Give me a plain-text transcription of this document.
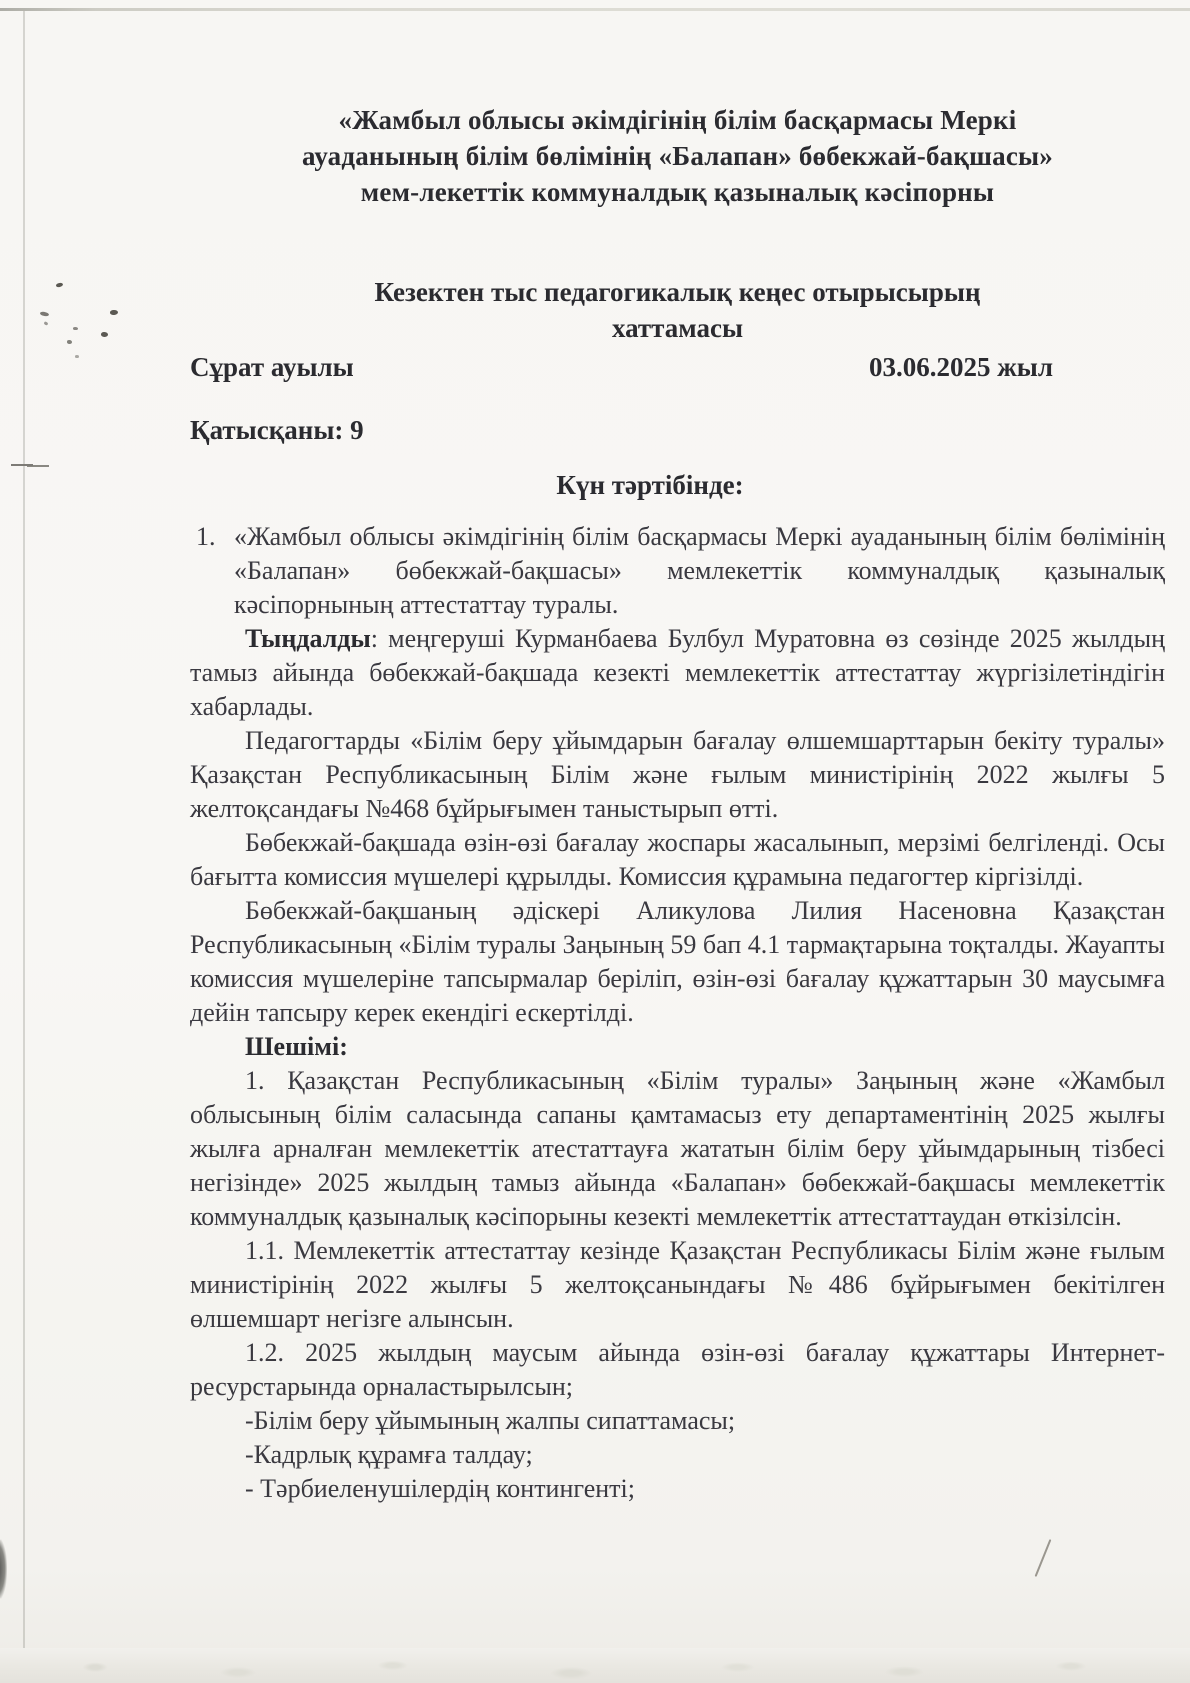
«Жамбыл облысы әкімдігінің білім басқармасы Меркі
ауаданының білім бөлімінің «Балапан» бөбекжай-бақшасы»
мем-лекеттік коммуналдық қазыналық кәсіпорны
Кезектен тыс педагогикалық кеңес отырысырың
хаттамасы
Сұрат ауылы	03.06.2025 жыл
Қатысқаны: 9
Күн тәртібінде:
1. «Жамбыл облысы әкімдігінің білім басқармасы Меркі ауаданының білім бөлімінің «Балапан» бөбекжай-бақшасы» мемлекеттік коммуналдық қазыналық кәсіпорнының аттестаттау туралы.

Тыңдалды: меңгеруші Курманбаева Булбул Муратовна өз сөзінде 2025 жылдың тамыз айында бөбекжай-бақшада кезекті мемлекеттік аттестаттау жүргізілетіндігін хабарлады.

Педагогтарды «Білім беру ұйымдарын бағалау өлшемшарттарын бекіту туралы» Қазақстан Республикасының Білім және ғылым министірінің 2022 жылғы 5 желтоқсандағы №468 бұйрығымен таныстырып өтті.

Бөбекжай-бақшада өзін-өзі бағалау жоспары жасалынып, мерзімі белгіленді. Осы бағытта комиссия мүшелері құрылды. Комиссия құрамына педагогтер кіргізілді.

Бөбекжай-бақшаның әдіскері Аликулова Лилия Насеновна Қазақстан Республикасының «Білім туралы Заңының 59 бап 4.1 тармақтарына тоқталды. Жауапты комиссия мүшелеріне тапсырмалар беріліп, өзін-өзі бағалау құжаттарын 30 маусымға дейін тапсыру керек екендігі ескертілді.

Шешімі:

1. Қазақстан Республикасының «Білім туралы» Заңының және «Жамбыл облысының білім саласында сапаны қамтамасыз ету департаментінің 2025 жылғы жылға арналған мемлекеттік атестаттауға жататын білім беру ұйымдарының тізбесі негізінде» 2025 жылдың тамыз айында «Балапан» бөбекжай-бақшасы мемлекеттік коммуналдық қазыналық кәсіпорыны кезекті мемлекеттік аттестаттаудан өткізілсін.

1.1. Мемлекеттік аттестаттау кезінде Қазақстан Республикасы Білім және ғылым министірінің 2022 жылғы 5 желтоқсанындағы №486 бұйрығымен бекітілген өлшемшарт негізге алынсын.

1.2. 2025 жылдың маусым айында өзін-өзі бағалау құжаттары Интернет-ресурстарында орналастырылсын;

-Білім беру ұйымының жалпы сипаттамасы;
-Кадрлық құрамға талдау;
- Тәрбиеленушілердің контингенті;
